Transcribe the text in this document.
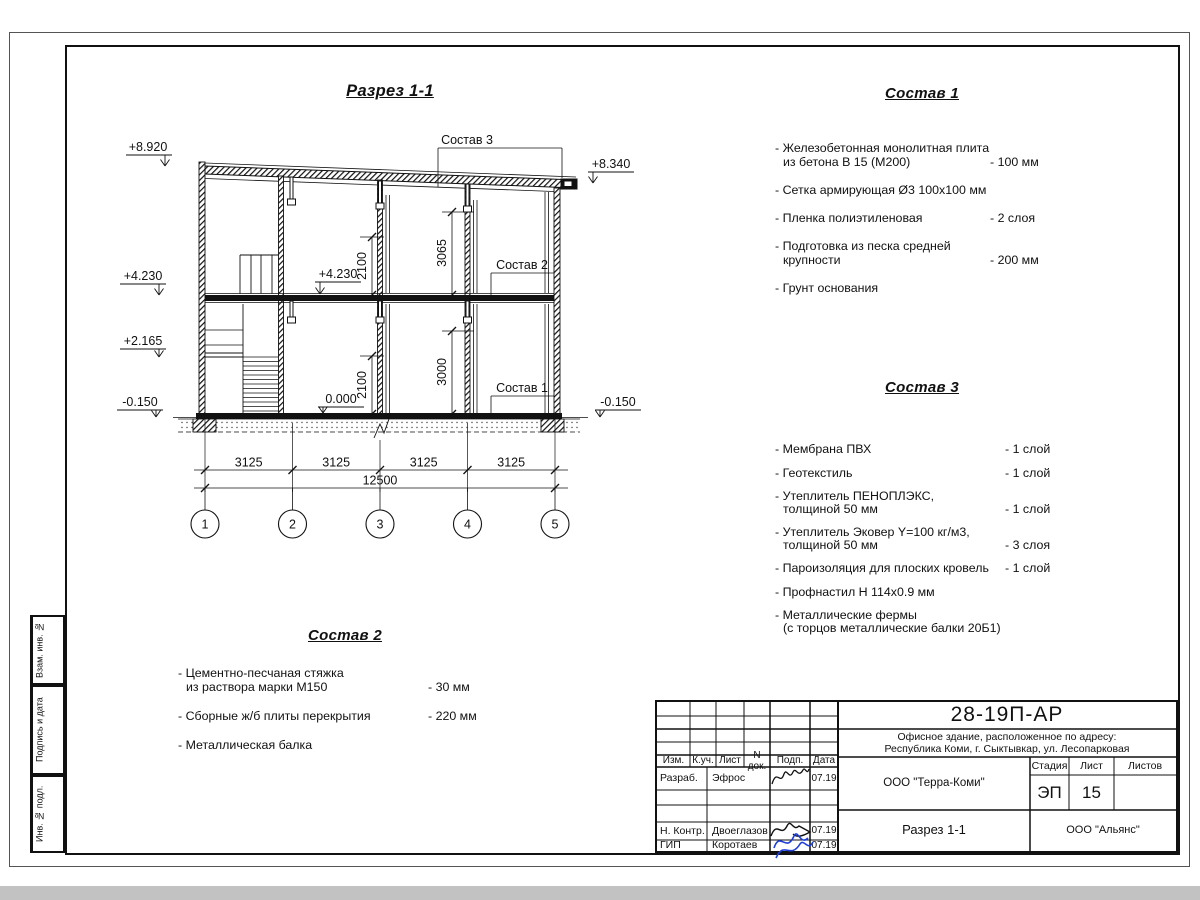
2100
2100
3065
3000
3125	3125	3125	3125
12500
1	2	3	4	5
+8.920
+4.230
+2.165
-0.150
+8.340
-0.150
+4.230
0.000
Состав 3
Состав 2
Состав 1
Разрез 1-1	Состав 1
Состав 3
Состав 2
- Железобетонная монолитная плита
из бетона В 15 (М200)	- 100 мм
- Сетка армирующая Ø3 100х100 мм
- Пленка полиэтиленовая	- 2 слоя
- Подготовка из песка средней
крупности	- 200 мм
- Грунт основания
- Мембрана ПВХ	- 1 слой
- Геотекстиль	- 1 слой
- Утеплитель ПЕНОПЛЭКС,
толщиной 50 мм	- 1 слой
- Утеплитель Эковер Y=100 кг/м3,
толщиной 50 мм	- 3 слоя
- Пароизоляция для плоских кровель	- 1 слой
- Профнастил Н 114х0.9 мм
- Металлические фермы
(с торцов металлические балки 20Б1)
- Цементно-песчаная стяжка
из раствора марки М150	- 30 мм
- Сборные ж/б плиты перекрытия	- 220 мм
- Металлическая балка
Взам. инв. №
Подпись и дата
Инв. № подл.
Изм. К.уч. Лист
N док.
Подп. Дата
Разраб.	Эфрос	07.19
Н. Контр. Двоеглазов	07.19
ГИП	Коротаев	07.19
28-19П-АР
Офисное здание, расположенное по адресу:
Республика Коми, г. Сыктывкар, ул. Лесопарковая
ООО "Терра-Коми"
Стадия	Лист	Листов
ЭП	15
Разрез 1-1	ООО "Альянс"
